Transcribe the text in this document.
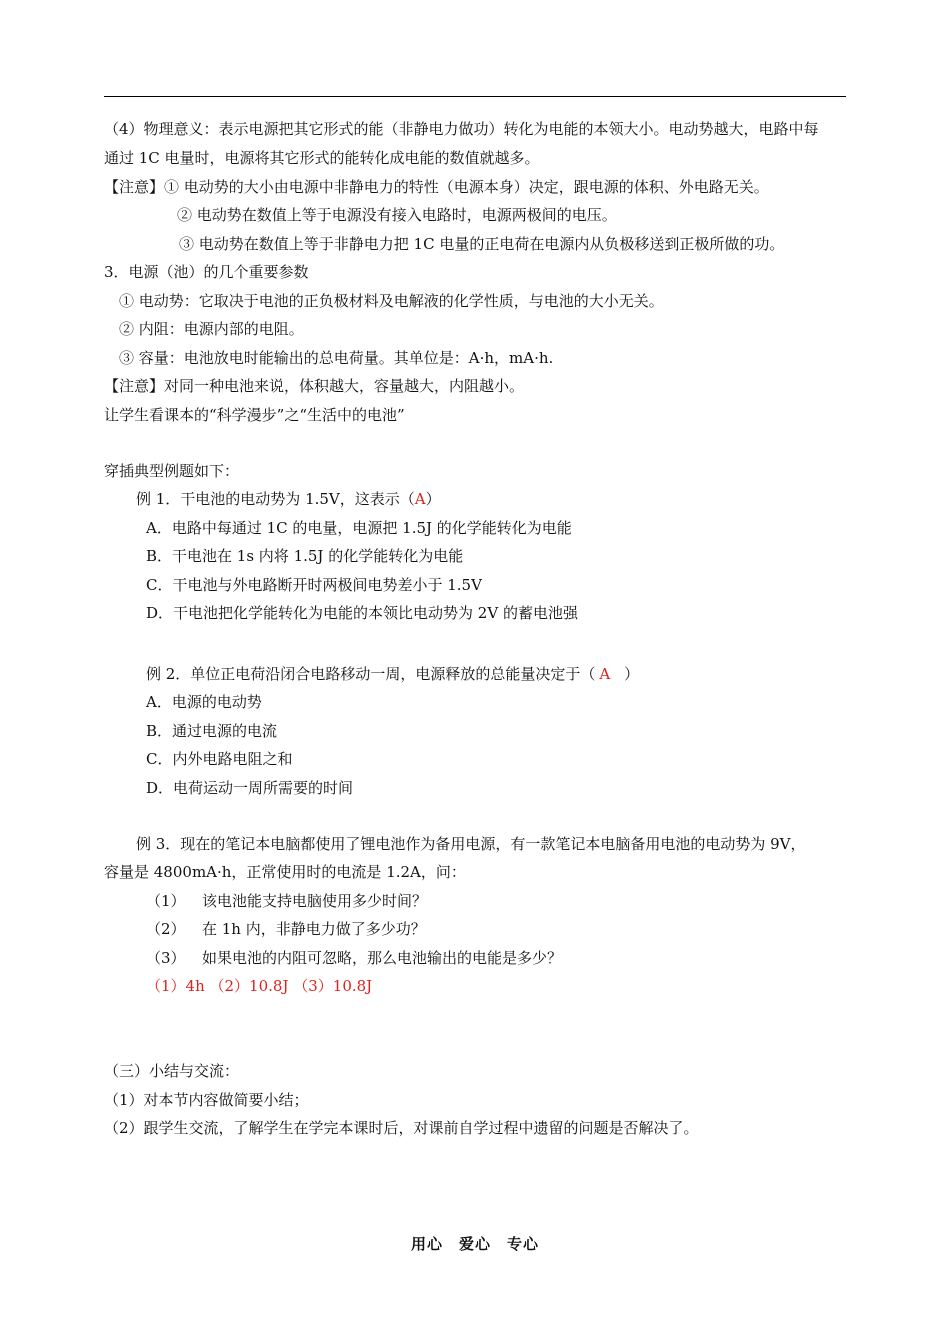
（4）物理意义：表示电源把其它形式的能（非静电力做功）转化为电能的本领大小。电动势越大，电路中每
通过 1C 电量时，电源将其它形式的能转化成电能的数值就越多。
【注意】① 电动势的大小由电源中非静电力的特性（电源本身）决定，跟电源的体积、外电路无关。
② 电动势在数值上等于电源没有接入电路时，电源两极间的电压。
③ 电动势在数值上等于非静电力把 1C 电量的正电荷在电源内从负极移送到正极所做的功。
3．电源（池）的几个重要参数
① 电动势：它取决于电池的正负极材料及电解液的化学性质，与电池的大小无关。
② 内阻：电源内部的电阻。
③ 容量：电池放电时能输出的总电荷量。其单位是：A·h，mA·h.
【注意】对同一种电池来说，体积越大，容量越大，内阻越小。
让学生看课本的“科学漫步”之“生活中的电池”
穿插典型例题如下：
例 1．干电池的电动势为 1.5V，这表示（A）
A．电路中每通过 1C 的电量，电源把 1.5J 的化学能转化为电能
B．干电池在 1s 内将 1.5J 的化学能转化为电能
C．干电池与外电路断开时两极间电势差小于 1.5V
D．干电池把化学能转化为电能的本领比电动势为 2V 的蓄电池强
例 2．单位正电荷沿闭合电路移动一周，电源释放的总能量决定于（ A ）
A．电源的电动势
B．通过电源的电流
C．内外电路电阻之和
D．电荷运动一周所需要的时间
例 3．现在的笔记本电脑都使用了锂电池作为备用电源，有一款笔记本电脑备用电池的电动势为 9V，
容量是 4800mA·h，正常使用时的电流是 1.2A，问：
（1） 该电池能支持电脑使用多少时间？
（2） 在 1h 内，非静电力做了多少功？
（3） 如果电池的内阻可忽略，那么电池输出的电能是多少？
（1）4h （2）10.8J （3）10.8J
（三）小结与交流：
（1）对本节内容做简要小结；
（2）跟学生交流，了解学生在学完本课时后，对课前自学过程中遗留的问题是否解决了。
用心　爱心　专心
